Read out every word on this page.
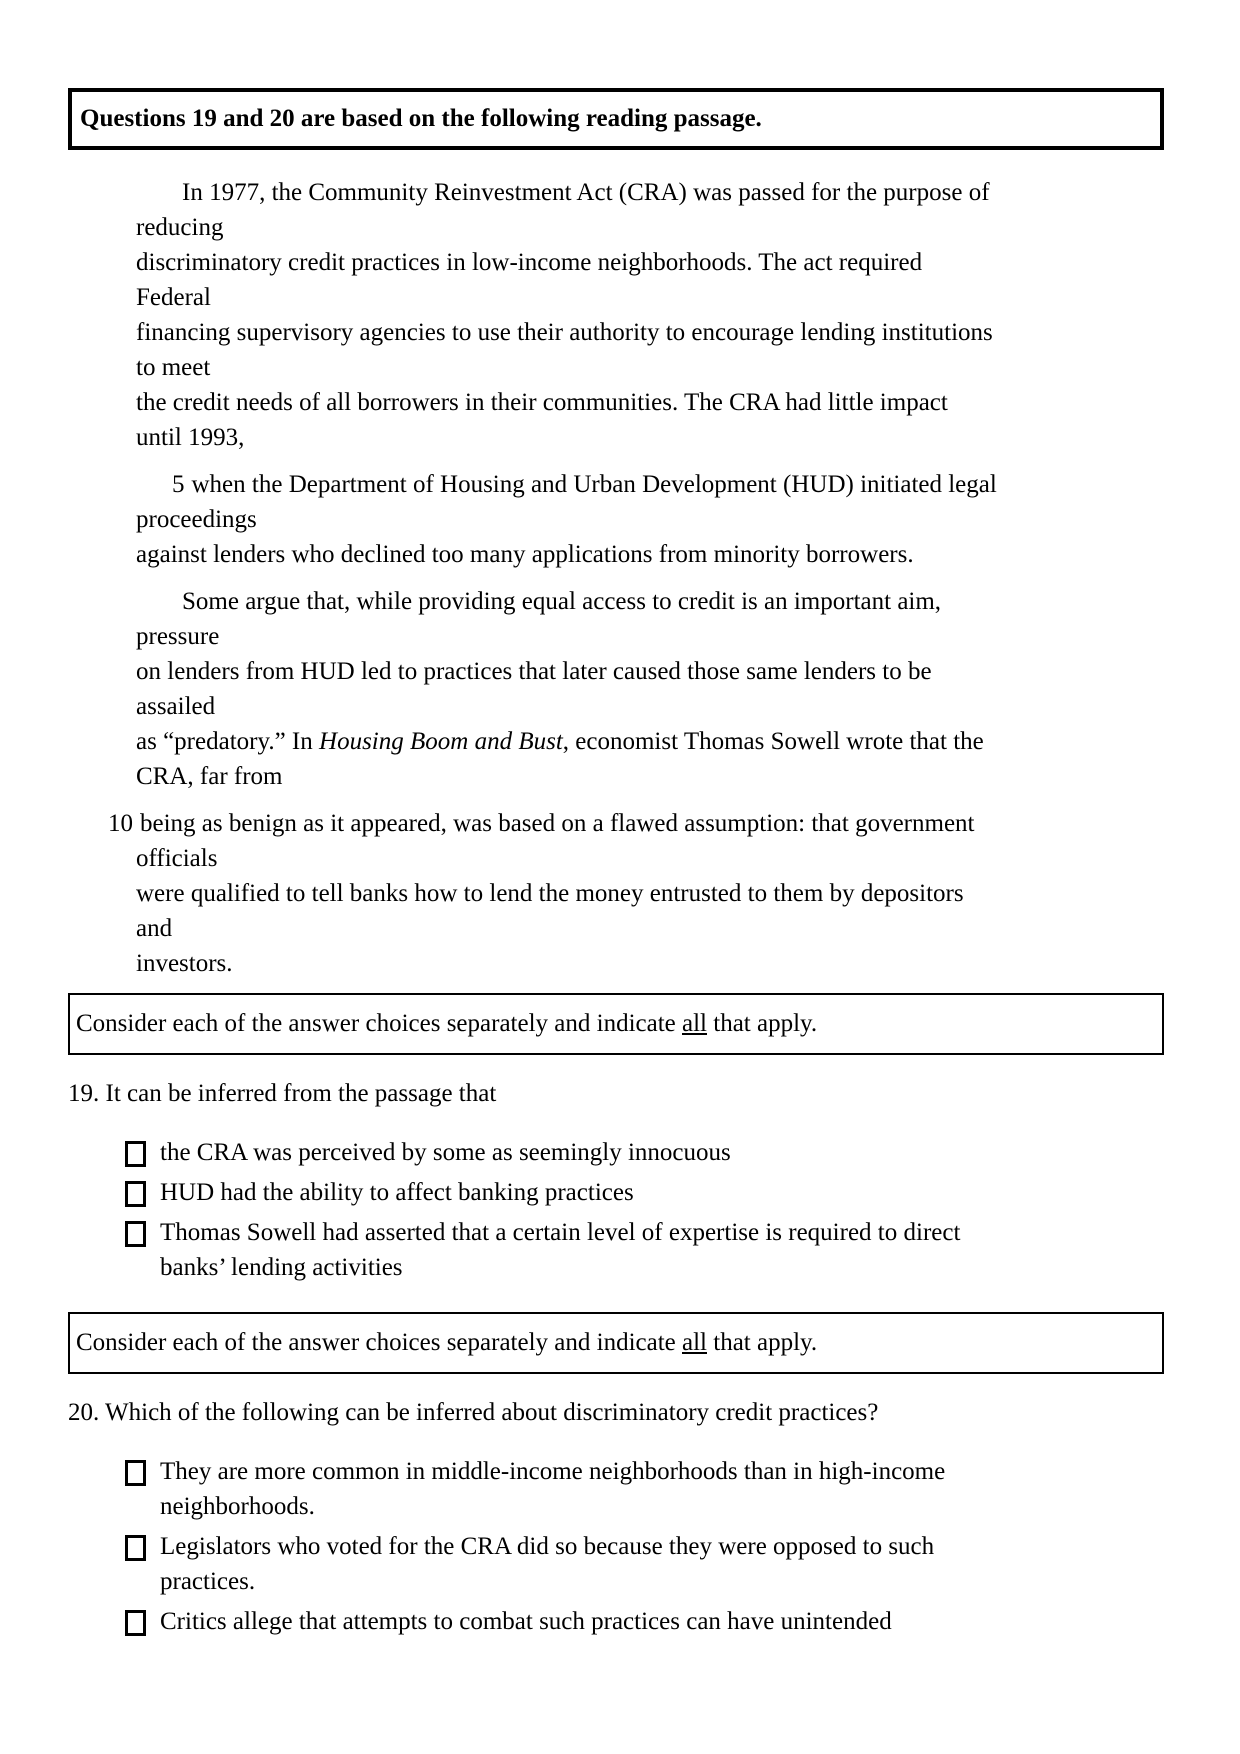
Questions 19 and 20 are based on the following reading passage.
In 1977, the Community Reinvestment Act (CRA) was passed for the purpose of
reducing
discriminatory credit practices in low-income neighborhoods. The act required
Federal
financing supervisory agencies to use their authority to encourage lending institutions
to meet
the credit needs of all borrowers in their communities. The CRA had little impact
until 1993,
5 when the Department of Housing and Urban Development (HUD) initiated legal
proceedings
against lenders who declined too many applications from minority borrowers.
Some argue that, while providing equal access to credit is an important aim,
pressure
on lenders from HUD led to practices that later caused those same lenders to be
assailed
as “predatory.” In Housing Boom and Bust, economist Thomas Sowell wrote that the
CRA, far from
10 being as benign as it appeared, was based on a flawed assumption: that government
officials
were qualified to tell banks how to lend the money entrusted to them by depositors
and
investors.
Consider each of the answer choices separately and indicate all that apply.
19. It can be inferred from the passage that
the CRA was perceived by some as seemingly innocuous
HUD had the ability to affect banking practices
Thomas Sowell had asserted that a certain level of expertise is required to direct
banks’ lending activities
Consider each of the answer choices separately and indicate all that apply.
20. Which of the following can be inferred about discriminatory credit practices?
They are more common in middle-income neighborhoods than in high-income
neighborhoods.
Legislators who voted for the CRA did so because they were opposed to such
practices.
Critics allege that attempts to combat such practices can have unintended
